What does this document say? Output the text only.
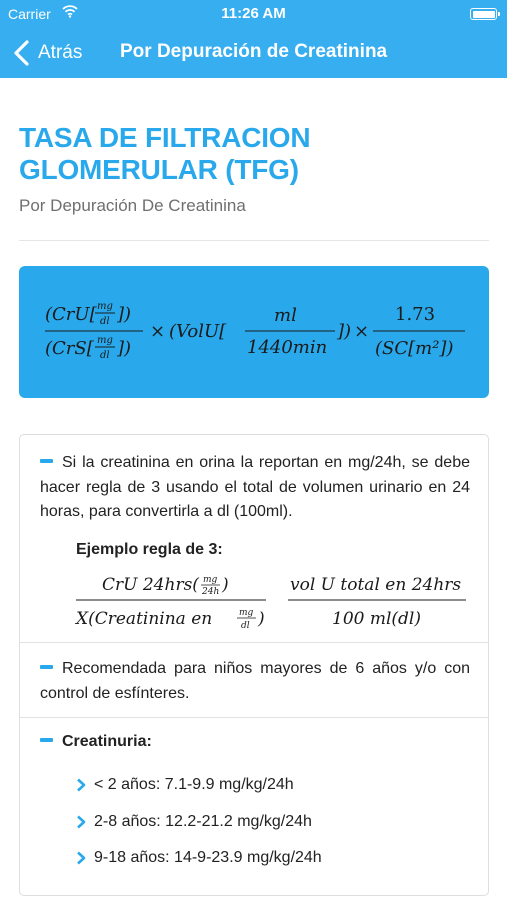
Carrier	11:26 AM
Atrás Por Depuración de Creatinina
TASA DE FILTRACION GLOMERULAR (TFG)
Por Depuración De Creatinina
(CrU[ mg
dl ])
(CrS[ mg
dl ])
× (VolU[
ml
1440min
]) ×
1.73
(SC[m²])
Si la creatinina en orina la reportan en mg/24h, se debe hacer regla de 3 usando el total de volumen urinario en 24 horas, para convertirla a dl (100ml).
Ejemplo regla de 3:
CrU 24hrs( mg
24h )
X(Creatinina en	mg
dl )
vol U total en 24hrs
100 ml(dl)
Recomendada para niños mayores de 6 años y/o con control de esfínteres.
Creatinuria:
< 2 años: 7.1-9.9 mg/kg/24h
2-8 años: 12.2-21.2 mg/kg/24h
9-18 años: 14-9-23.9 mg/kg/24h
